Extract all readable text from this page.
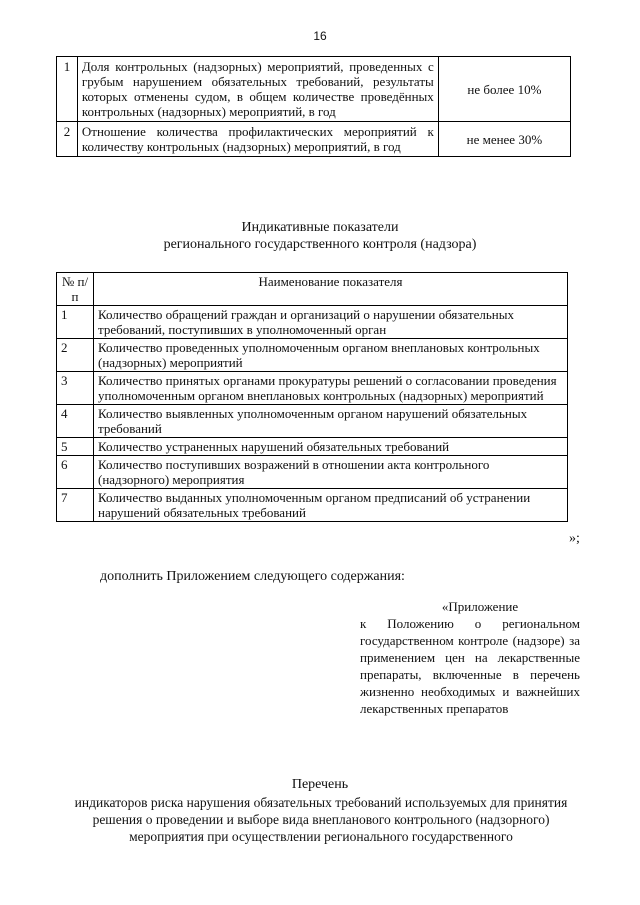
16
1	Доля контрольных (надзорных) мероприятий, проведенных с грубым нарушением обязательных требований, результаты которых отменены судом, в общем количестве проведённых контрольных (надзорных) мероприятий, в год	не более 10%
2	Отношение количества профилактических мероприятий к количеству контрольных (надзорных) мероприятий, в год	не менее 30%
Индикативные показатели
регионального государственного контроля (надзора)
№ п/п	Наименование показателя
1	Количество обращений граждан и организаций о нарушении обязательных требований, поступивших в уполномоченный орган
2	Количество проведенных уполномоченным органом внеплановых контрольных (надзорных) мероприятий
3	Количество принятых органами прокуратуры решений о согласовании проведения уполномоченным органом внеплановых контрольных (надзорных) мероприятий
4	Количество выявленных уполномоченным органом нарушений обязательных требований
5	Количество устраненных нарушений обязательных требований
6	Количество поступивших возражений в отношении акта контрольного (надзорного) мероприятия
7	Количество выданных уполномоченным органом предписаний об устранении нарушений обязательных требований
»;
дополнить Приложением следующего содержания:
«Приложение
к Положению о региональном государственном контроле (надзоре) за применением цен на лекарственные препараты, включенные в перечень жизненно необходимых и важнейших лекарственных препаратов
Перечень
индикаторов риска нарушения обязательных требований используемых для принятия решения о проведении и выборе вида внепланового контрольного (надзорного) мероприятия при осуществлении регионального государственного
